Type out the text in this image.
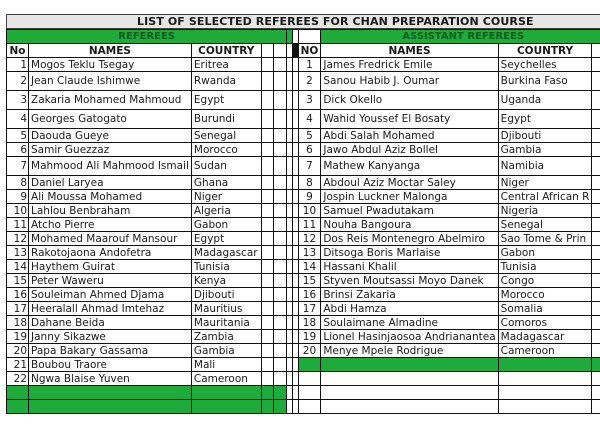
LIST OF SELECTED REFEREES FOR CHAN PREPARATION COURSE
REFEREES								ASSISTANT REFEREES		
No	NAMES	COUNTRY					NO	NAMES	COUNTRY	
1	Mogos Teklu Tsegay	Eritrea					1	James Fredrick Emile	Seychelles	
2	Jean Claude Ishimwe	Rwanda					2	Sanou Habib J. Oumar	Burkina Faso	
3	Zakaria Mohamed Mahmoud	Egypt					3	Dick Okello	Uganda	
4	Georges Gatogato	Burundi					4	Wahid Youssef El Bosaty	Egypt	
5	Daouda Gueye	Senegal					5	Abdi Salah Mohamed	Djibouti	
6	Samir Guezzaz	Morocco					6	Jawo Abdul Aziz Bollel	Gambia	
7	Mahmood Ali Mahmood Ismail	Sudan					7	Mathew Kanyanga	Namibia	
8	Daniel Laryea	Ghana					8	Abdoul Aziz Moctar Saley	Niger	
9	Ali Moussa Mohamed	Niger					9	Jospin Luckner Malonga	Central African R	
10	Lahlou Benbraham	Algeria					10	Samuel Pwadutakam	Nigeria	
11	Atcho Pierre	Gabon					11	Nouha Bangoura	Senegal	
12	Mohamed Maarouf Mansour	Egypt					12	Dos Reis Montenegro Abelmiro	Sao Tome & Prin	
13	Rakotojaona Andofetra	Madagascar					13	Ditsoga Boris Marlaise	Gabon	
14	Haythem Guirat	Tunisia					14	Hassani Khalil	Tunisia	
15	Peter Waweru	Kenya					15	Styven Moutsassi Moyo Danek	Congo	
16	Souleiman Ahmed Djama	Djibouti					16	Brinsi Zakaria	Morocco	
17	Heeralall Ahmad Imtehaz	Mauritius					17	Abdi Hamza	Somalia	
18	Dahane Beida	Mauritania					18	Soulaimane Almadine	Comoros	
19	Janny Sikazwe	Zambia					19	Lionel Hasinjaosoa Andrianantea	Madagascar	
20	Papa Bakary Gassama	Gambia					20	Menye Mpele Rodrigue	Cameroon	
21	Boubou Traore	Mali								
22	Ngwa Blaise Yuven	Cameroon								
